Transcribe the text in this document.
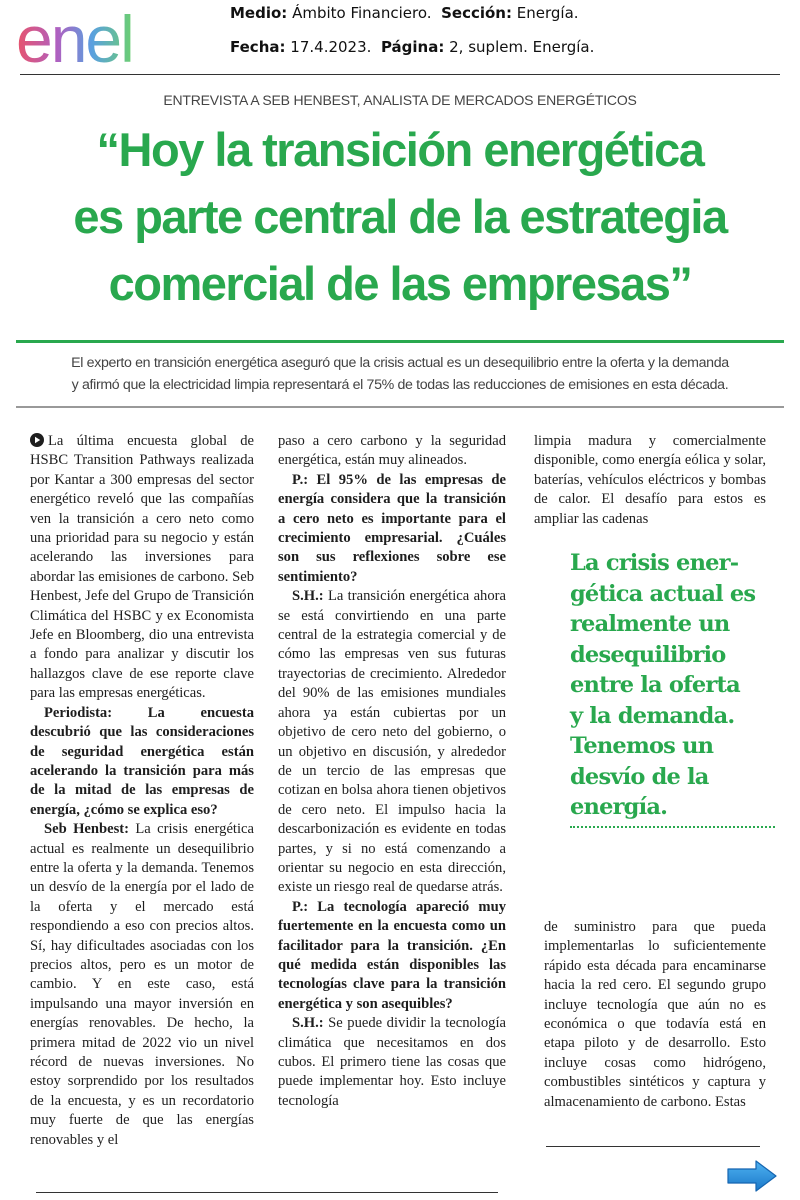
enel	Medio: Ámbito Financiero. Sección: Energía.
Fecha: 17.4.2023. Página: 2, suplem. Energía.
ENTREVISTA A SEB HENBEST, ANALISTA DE MERCADOS ENERGÉTICOS
“Hoy la transición energética
es parte central de la estrategia
comercial de las empresas”
El experto en transición energética aseguró que la crisis actual es un desequilibrio entre la oferta y la demanda
y afirmó que la electricidad limpia representará el 75% de todas las reducciones de emisiones en esta década.

La última encuesta global de HSBC Transition Pathways realizada por Kantar a 300 empresas del sector energético reveló que las compañías ven la transición a cero neto como una prioridad para su negocio y están acelerando las inversiones para abordar las emisiones de carbono. Seb Henbest, Jefe del Grupo de Transición Climática del HSBC y ex Economista Jefe en Bloomberg, dio una entrevista a fondo para analizar y discutir los hallazgos clave de ese reporte clave para las empresas energéticas.

Periodista: La encuesta descubrió que las consideraciones de seguridad energética están acelerando la transición para más de la mitad de las empresas de energía, ¿cómo se explica eso?

Seb Henbest: La crisis energética actual es realmente un desequilibrio entre la oferta y la demanda. Tenemos un desvío de la energía por el lado de la oferta y el mercado está respondiendo a eso con precios altos. Sí, hay dificultades asociadas con los precios altos, pero es un motor de cambio. Y en este caso, está impulsando una mayor inversión en energías renovables. De hecho, la primera mitad de 2022 vio un nivel récord de nuevas inversiones. No estoy sorprendido por los resultados de la encuesta, y es un recordatorio muy fuerte de que las energías renovables y el

paso a cero carbono y la seguridad energética, están muy alineados.

P.: El 95% de las empresas de energía considera que la transición a cero neto es importante para el crecimiento empresarial. ¿Cuáles son sus reflexiones sobre ese sentimiento?

S.H.: La transición energética ahora se está convirtiendo en una parte central de la estrategia comercial y de cómo las empresas ven sus futuras trayectorias de crecimiento. Alrededor del 90% de las emisiones mundiales ahora ya están cubiertas por un objetivo de cero neto del gobierno, o un objetivo en discusión, y alrededor de un tercio de las empresas que cotizan en bolsa ahora tienen objetivos de cero neto. El impulso hacia la descarbonización es evidente en todas partes, y si no está comenzando a orientar su negocio en esta dirección, existe un riesgo real de quedarse atrás.

P.: La tecnología apareció muy fuertemente en la encuesta como un facilitador para la transición. ¿En qué medida están disponibles las tecnologías clave para la transición energética y son asequibles?

S.H.: Se puede dividir la tecnología climática que necesitamos en dos cubos. El primero tiene las cosas que puede implementar hoy. Esto incluye tecnología

limpia madura y comercialmente disponible, como energía eólica y solar, baterías, vehículos eléctricos y bombas de calor. El desafío para estos es ampliar las cadenas

La crisis ener-
gética actual es
realmente un
desequilibrio
entre la oferta
y la demanda.
Tenemos un
desvío de la
energía.

de suministro para que pueda implementarlas lo suficientemente rápido esta década para encaminarse hacia la red cero. El segundo grupo incluye tecnología que aún no es económica o que todavía está en etapa piloto y de desarrollo. Esto incluye cosas como hidrógeno, combustibles sintéticos y captura y almacenamiento de carbono. Estas
